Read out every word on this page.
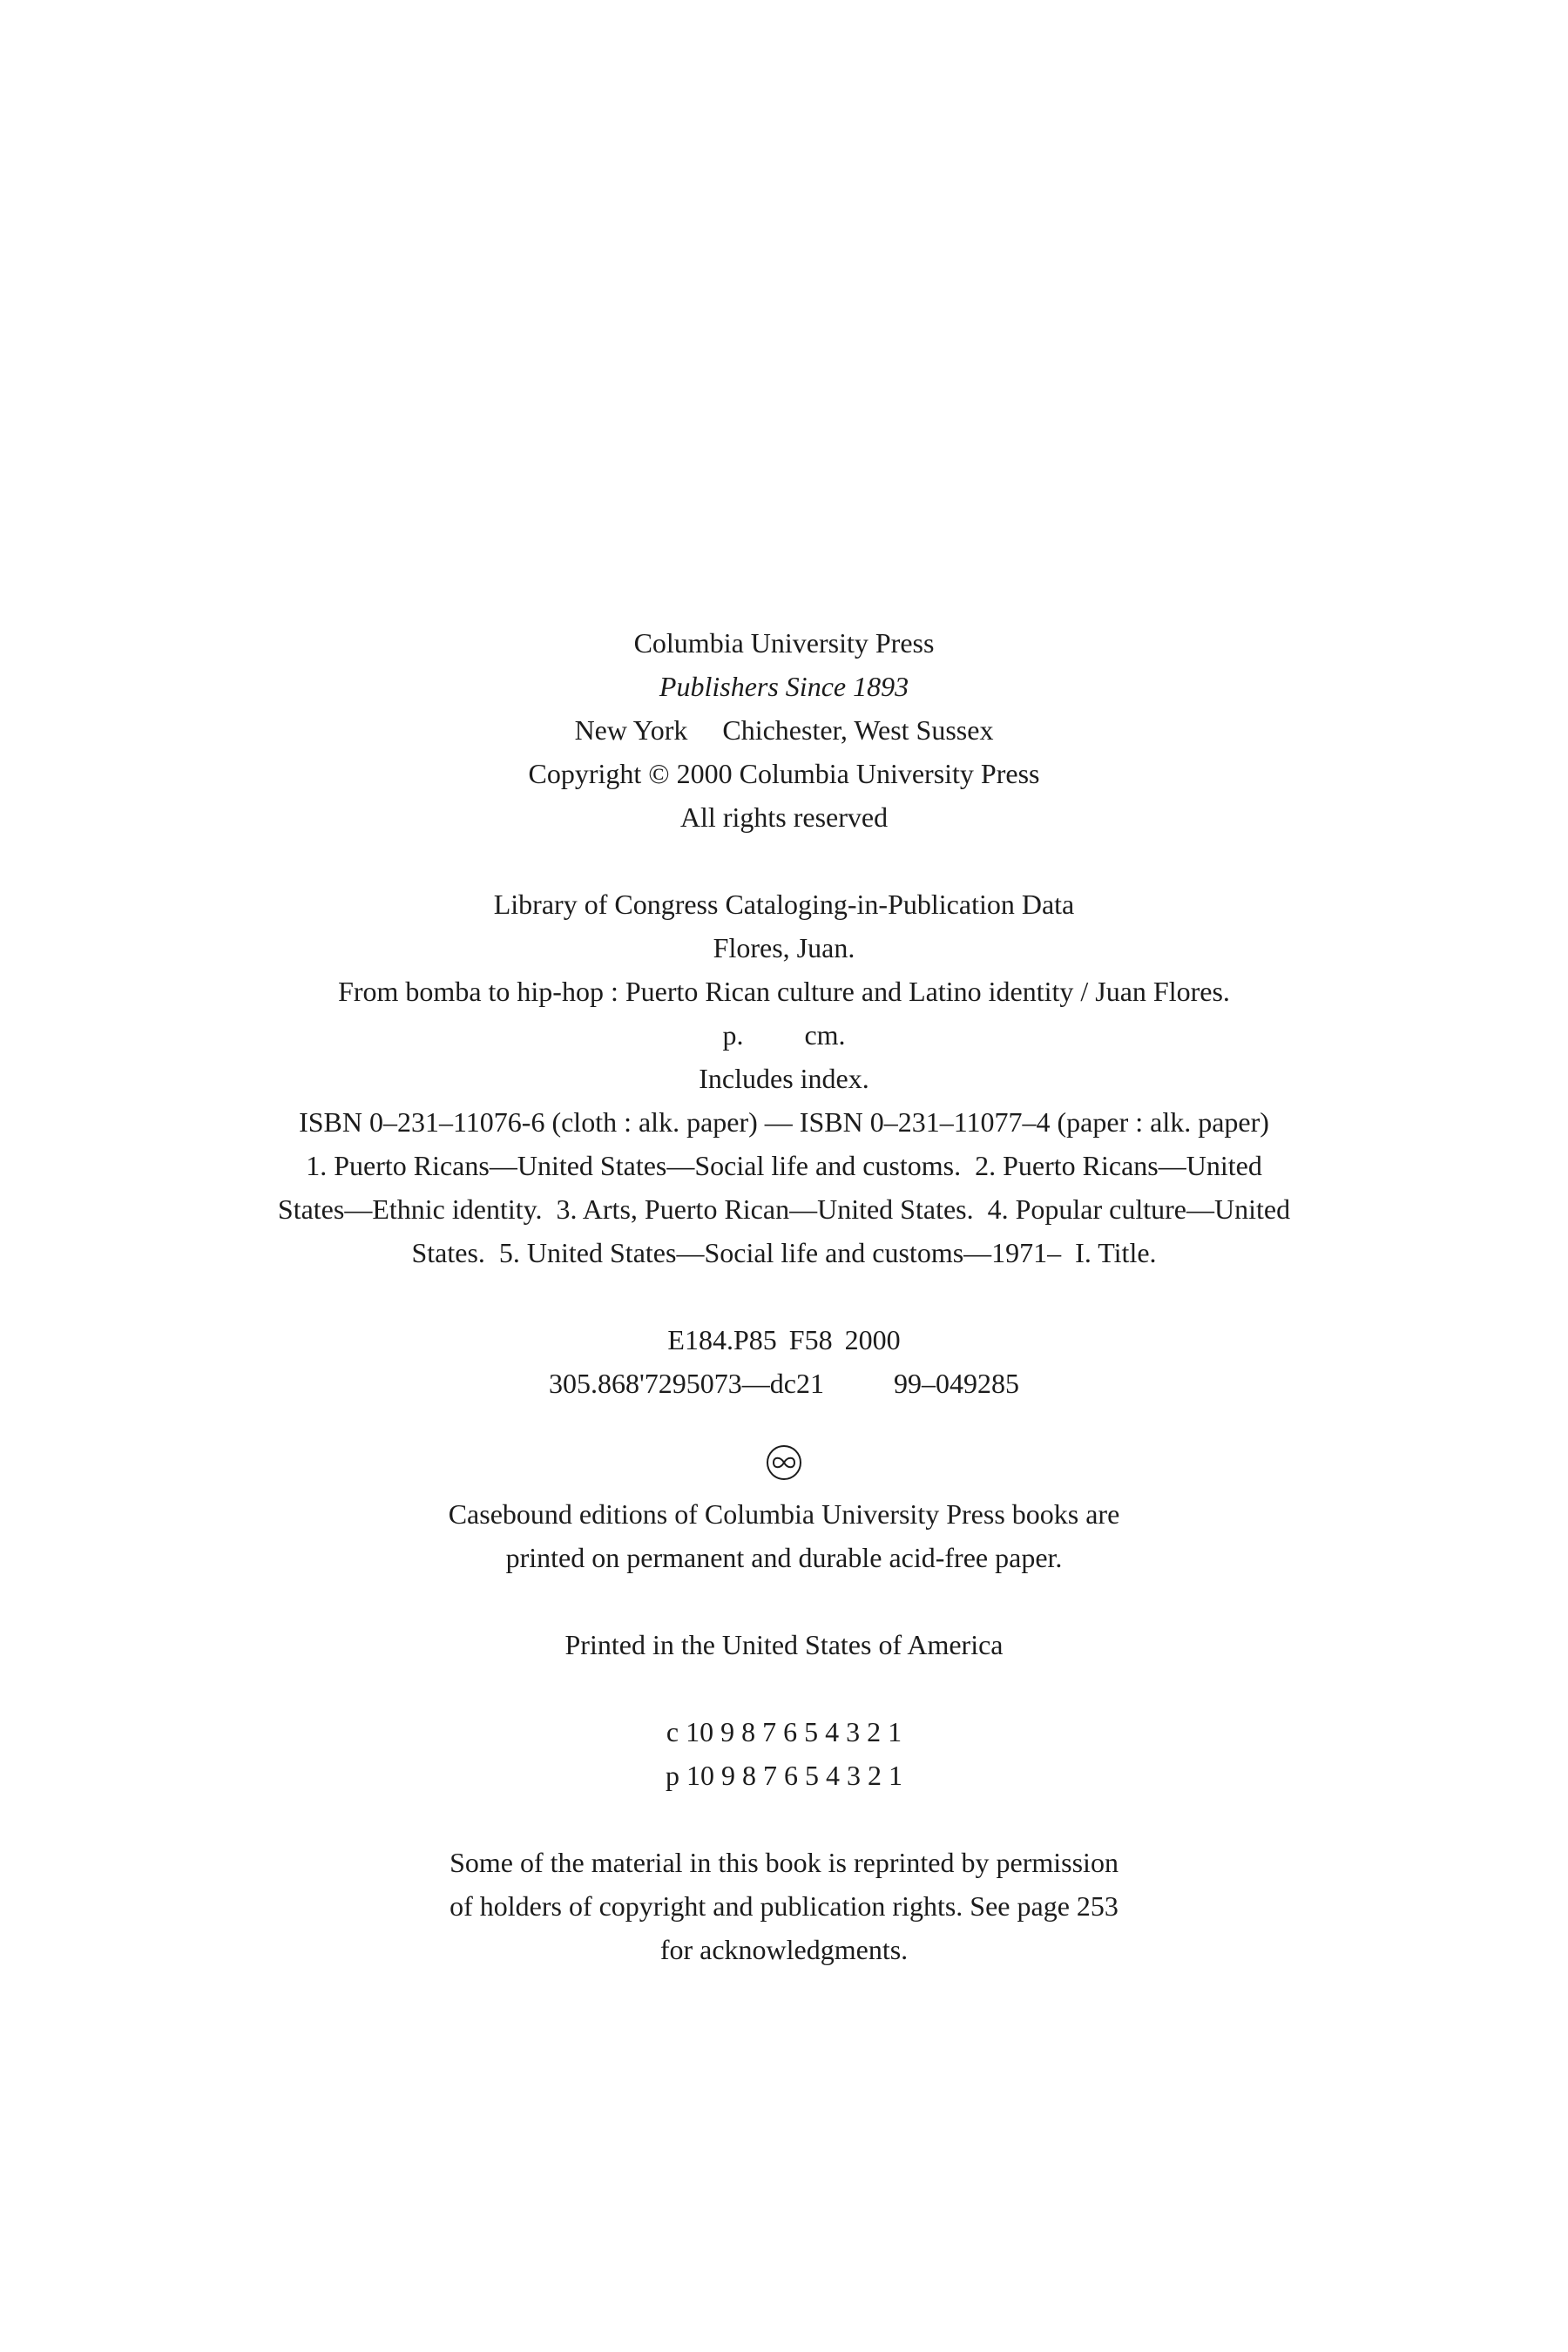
Columbia University Press
Publishers Since 1893
New York Chichester, West Sussex
Copyright © 2000 Columbia University Press
All rights reserved
Library of Congress Cataloging-in-Publication Data
Flores, Juan.
From bomba to hip-hop : Puerto Rican culture and Latino identity / Juan Flores.
p. cm.
Includes index.
ISBN 0–231–11076-6 (cloth : alk. paper) — ISBN 0–231–11077–4 (paper : alk. paper)
1. Puerto Ricans—United States—Social life and customs.  2. Puerto Ricans—United
States—Ethnic identity.  3. Arts, Puerto Rican—United States.  4. Popular culture—United
States.  5. United States—Social life and customs—1971–  I. Title.
E184.P85 F58 2000
305.868'7295073—dc21	99–049285
Casebound editions of Columbia University Press books are
printed on permanent and durable acid-free paper.
Printed in the United States of America
c 10 9 8 7 6 5 4 3 2 1
p 10 9 8 7 6 5 4 3 2 1
Some of the material in this book is reprinted by permission
of holders of copyright and publication rights. See page 253
for acknowledgments.
